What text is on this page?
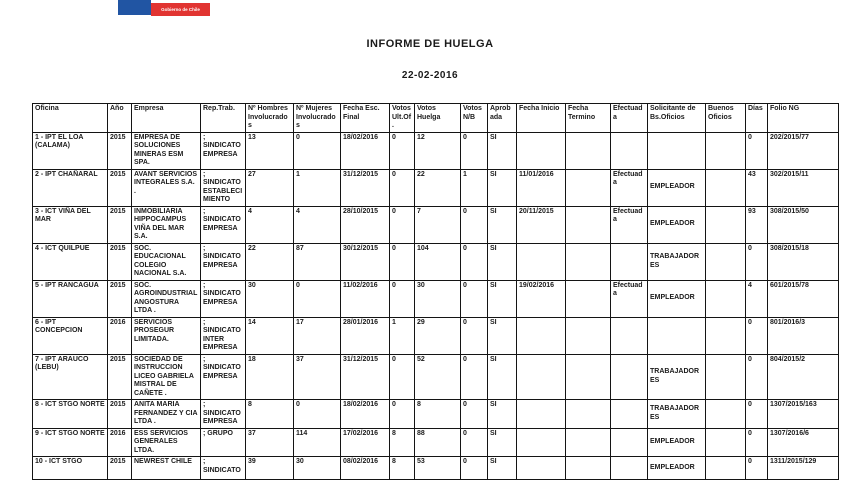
Gobierno de Chile
INFORME DE HUELGA
22-02-2016
Oficina	Año	Empresa	Rep.Trab.	Nº Hombres Involucrados	Nº Mujeres Involucrados	Fecha Esc. Final	Votos Ult.Of.	Votos Huelga	Votos N/B	Aprobada	Fecha Inicio	Fecha Termino	Efectuada	Solicitante de Bs.Oficios	Buenos Oficios	Días	Folio NG
1 - IPT EL LOA (CALAMA)	2015	EMPRESA DE SOLUCIONES MINERAS ESM SPA.	; SINDICATO EMPRESA	13	0	18/02/2016	0	12	0	SI						0	202/2015/77
2 - IPT CHAÑARAL	2015	AVANT SERVICIOS INTEGRALES S.A. .	; SINDICATO ESTABLECIMIENTO	27	1	31/12/2015	0	22	1	SI	11/01/2016		Efectuada	EMPLEADOR		43	302/2015/11
3 - ICT VIÑA DEL MAR	2015	INMOBILIARIA HIPPOCAMPUS VIÑA DEL MAR S.A.	; SINDICATO EMPRESA	4	4	28/10/2015	0	7	0	SI	20/11/2015		Efectuada	EMPLEADOR		93	308/2015/50
4 - ICT QUILPUE	2015	SOC. EDUCACIONAL COLEGIO NACIONAL S.A.	; SINDICATO EMPRESA	22	87	30/12/2015	0	104	0	SI				TRABAJADORES		0	308/2015/18
5 - IPT RANCAGUA	2015	SOC. AGROINDUSTRIAL ANGOSTURA LTDA .	; SINDICATO EMPRESA	30	0	11/02/2016	0	30	0	SI	19/02/2016		Efectuada	EMPLEADOR		4	601/2015/78
6 - IPT CONCEPCION	2016	SERVICIOS PROSEGUR LIMITADA.	; SINDICATO INTER EMPRESA	14	17	28/01/2016	1	29	0	SI						0	801/2016/3
7 - IPT ARAUCO (LEBU)	2015	SOCIEDAD DE INSTRUCCION LICEO GABRIELA MISTRAL DE CAÑETE .	; SINDICATO EMPRESA	18	37	31/12/2015	0	52	0	SI				TRABAJADORES		0	804/2015/2
8 - ICT STGO NORTE	2015	ANITA MARIA FERNANDEZ Y CIA LTDA .	; SINDICATO EMPRESA	8	0	18/02/2016	0	8	0	SI				TRABAJADORES		0	1307/2015/163
9 - ICT STGO NORTE	2016	ESS SERVICIOS GENERALES LTDA.	; GRUPO	37	114	17/02/2016	8	88	0	SI				EMPLEADOR		0	1307/2016/6
10 - ICT STGO	2015	NEWREST CHILE	; SINDICATO	39	30	08/02/2016	8	53	0	SI				EMPLEADOR		0	1311/2015/129
